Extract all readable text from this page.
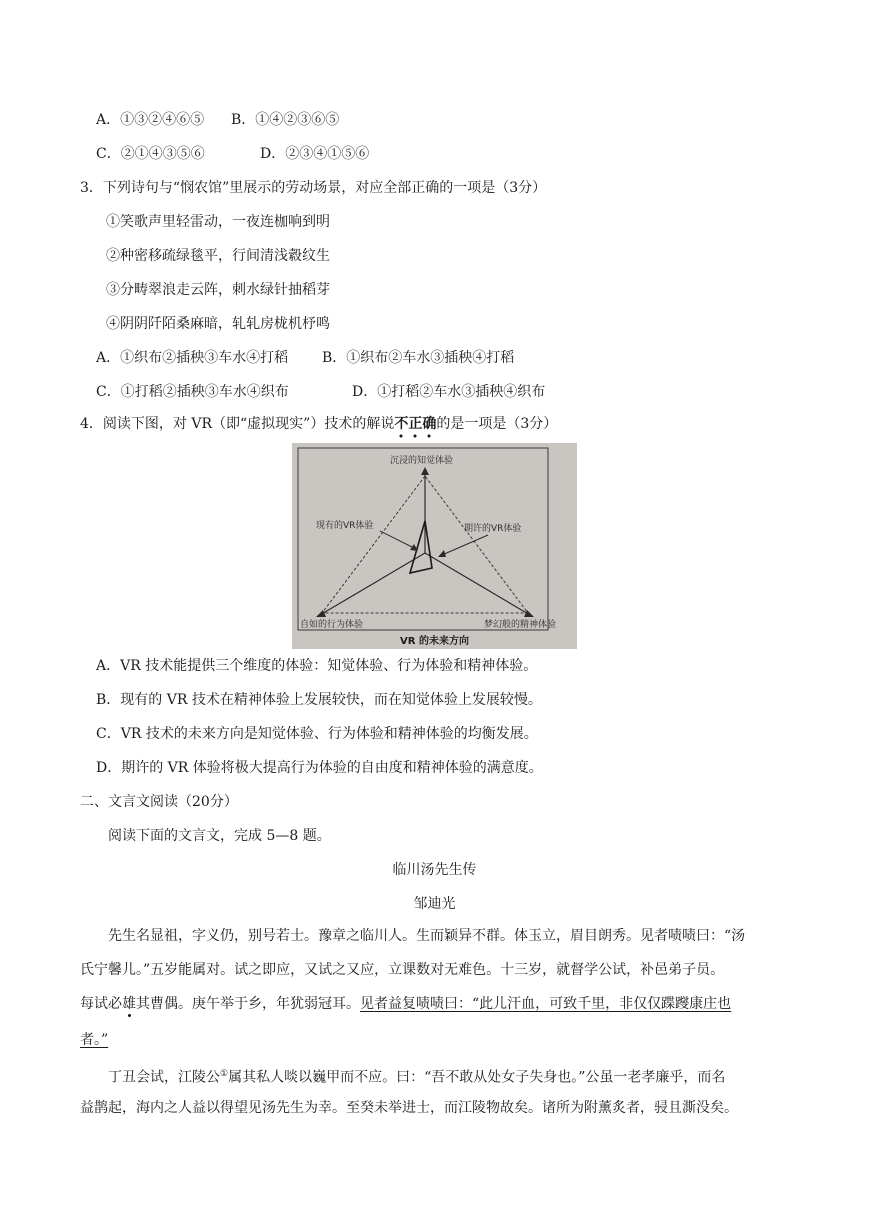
A．①③②④⑥⑤ B．①④②③⑥⑤
C．②①④③⑤⑥	D．②③④①⑤⑥
3．下列诗句与“悯农馆”里展示的劳动场景，对应全部正确的一项是（3分）
①笑歌声里轻雷动，一夜连枷响到明
②种密移疏绿毯平，行间清浅縠纹生
③分畴翠浪走云阵，刺水绿针抽稻芽
④阴阴阡陌桑麻暗，轧轧房栊机杼鸣
A．①织布②插秧③车水④打稻 B．①织布②车水③插秧④打稻
C．①打稻②插秧③车水④织布	D．①打稻②车水③插秧④织布
4．阅读下图，对 VR（即“虚拟现实”）技术的解说不正确的是一项是（3分）
沉浸的知觉体验
现有的VR体验	期许的VR体验
自如的行为体验	梦幻般的精神体验
VR 的未来方向
A．VR 技术能提供三个维度的体验：知觉体验、行为体验和精神体验。
B．现有的 VR 技术在精神体验上发展较快，而在知觉体验上发展较慢。
C．VR 技术的未来方向是知觉体验、行为体验和精神体验的均衡发展。
D．期许的 VR 体验将极大提高行为体验的自由度和精神体验的满意度。
二、文言文阅读（20分）
阅读下面的文言文，完成 5—8 题。
临川汤先生传
邹迪光
先生名显祖，字义仍，别号若士。豫章之临川人。生而颖异不群。体玉立，眉目朗秀。见者啧啧曰：“汤
氏宁馨儿。”五岁能属对。试之即应，又试之又应，立课数对无难色。十三岁，就督学公试，补邑弟子员。
每试必雄其曹偶。庚午举于乡，年犹弱冠耳。见者益复啧啧曰：“此儿汗血，可致千里，非仅仅蹀躞康庄也
者。”
丁丑会试，江陵公①属其私人啖以巍甲而不应。曰：“吾不敢从处女子失身也。”公虽一老孝廉乎，而名
益鹊起，海内之人益以得望见汤先生为幸。至癸未举进士，而江陵物故矣。诸所为附薰炙者，骎且澌没矣。
